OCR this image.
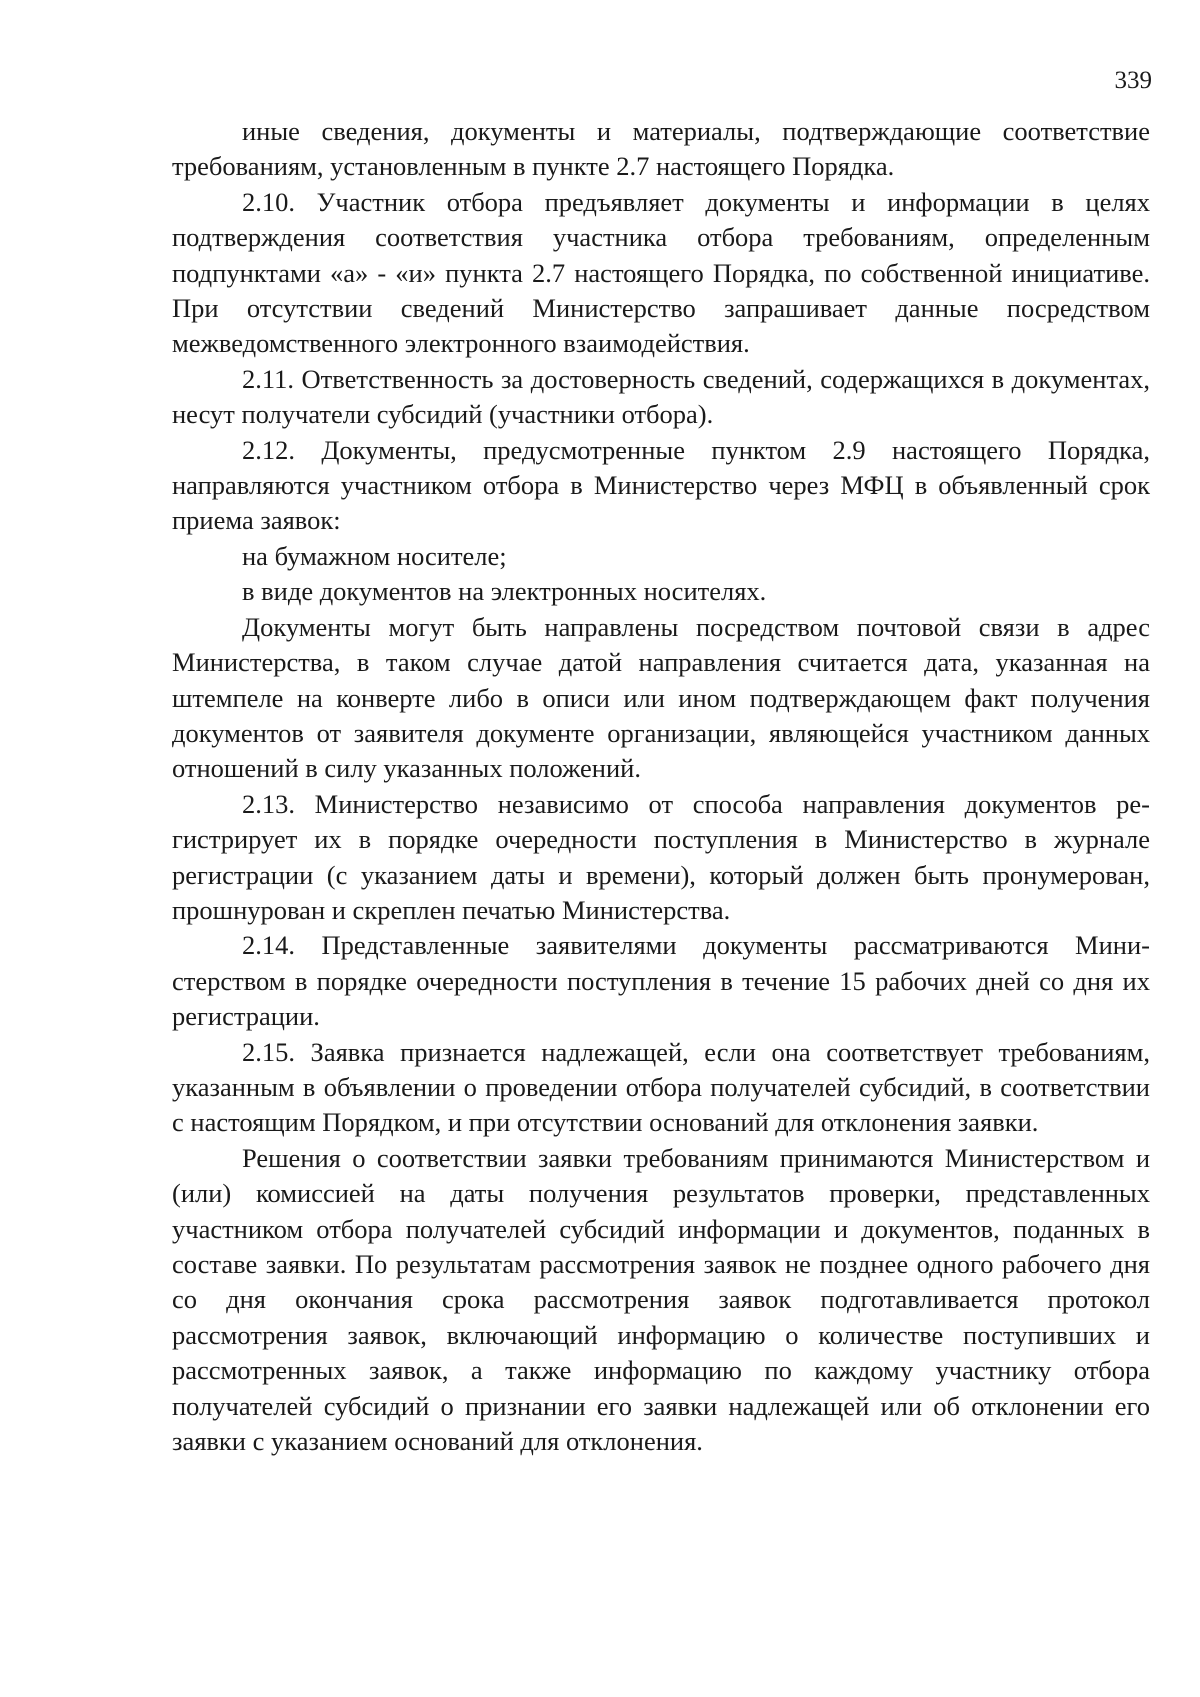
339

иные сведения, документы и материалы, подтверждающие соответствие требованиям, установленным в пункте 2.7 настоящего Порядка.

2.10. Участник отбора предъявляет документы и информации в целях подтверждения соответствия участника отбора требованиям, определенным подпунктами «а» - «и» пункта 2.7 настоящего Порядка, по собственной инициативе. При отсутствии сведений Министерство запрашивает данные посредством межведомственного электронного взаимодействия.

2.11. Ответственность за достоверность сведений, содержащихся в документах, несут получатели субсидий (участники отбора).

2.12. Документы, предусмотренные пунктом 2.9 настоящего Порядка, направляются участником отбора в Министерство через МФЦ в объявленный срок приема заявок:

на бумажном носителе;

в виде документов на электронных носителях.

Документы могут быть направлены посредством почтовой связи в адрес Министерства, в таком случае датой направления считается дата, указанная на штемпеле на конверте либо в описи или ином подтверждающем факт получения документов от заявителя документе организации, являющейся участником данных отношений в силу указанных положений.

2.13. Министерство независимо от способа направления документов регистрирует их в порядке очередности поступления в Министерство в журнале регистрации (с указанием даты и времени), который должен быть пронумерован, прошнурован и скреплен печатью Министерства.

2.14. Представленные заявителями документы рассматриваются Министерством в порядке очередности поступления в течение 15 рабочих дней со дня их регистрации.

2.15. Заявка признается надлежащей, если она соответствует требованиям, указанным в объявлении о проведении отбора получателей субсидий, в соответствии с настоящим Порядком, и при отсутствии оснований для отклонения заявки.

Решения о соответствии заявки требованиям принимаются Министерством и (или) комиссией на даты получения результатов проверки, представленных участником отбора получателей субсидий информации и документов, поданных в составе заявки. По результатам рассмотрения заявок не позднее одного рабочего дня со дня окончания срока рассмотрения заявок подготавливается протокол рассмотрения заявок, включающий информацию о количестве поступивших и рассмотренных заявок, а также информацию по каждому участнику отбора получателей субсидий о признании его заявки надлежащей или об отклонении его заявки с указанием оснований для отклонения.
